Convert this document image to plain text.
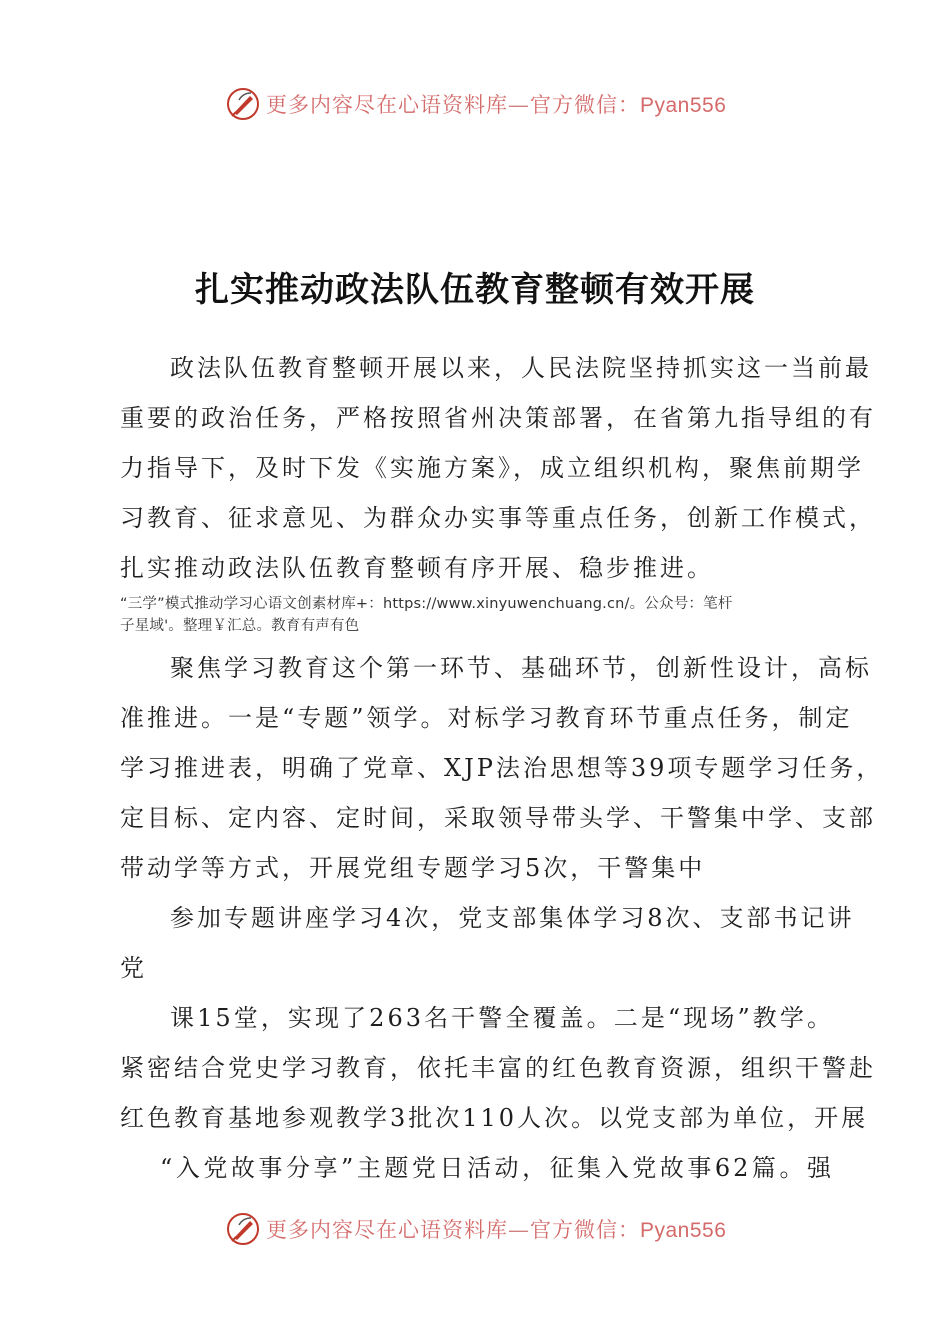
更多内容尽在心语资料库—官方微信：Pyan556
扎实推动政法队伍教育整顿有效开展
政法队伍教育整顿开展以来，人民法院坚持抓实这一当前最
重要的政治任务，严格按照省州决策部署，在省第九指导组的有
力指导下，及时下发《实施方案》，成立组织机构，聚焦前期学
习教育、征求意见、为群众办实事等重点任务，创新工作模式，
扎实推动政法队伍教育整顿有序开展、稳步推进。
“三学”模式推动学习心语文创素材库+：https://www.xinyuwenchuang.cn/。公众号：笔杆
子星域'。整理￥汇总。教育有声有色
聚焦学习教育这个第一环节、基础环节，创新性设计，高标
准推进。一是“专题”领学。对标学习教育环节重点任务，制定
学习推进表，明确了党章、XJP法治思想等39项专题学习任务，
定目标、定内容、定时间，采取领导带头学、干警集中学、支部
带动学等方式，开展党组专题学习5次，干警集中
参加专题讲座学习4次，党支部集体学习8次、支部书记讲
党
课15堂，实现了263名干警全覆盖。二是“现场”教学。
紧密结合党史学习教育，依托丰富的红色教育资源，组织干警赴
红色教育基地参观教学3批次110人次。以党支部为单位，开展
“入党故事分享”主题党日活动，征集入党故事62篇。强
更多内容尽在心语资料库—官方微信：Pyan556
